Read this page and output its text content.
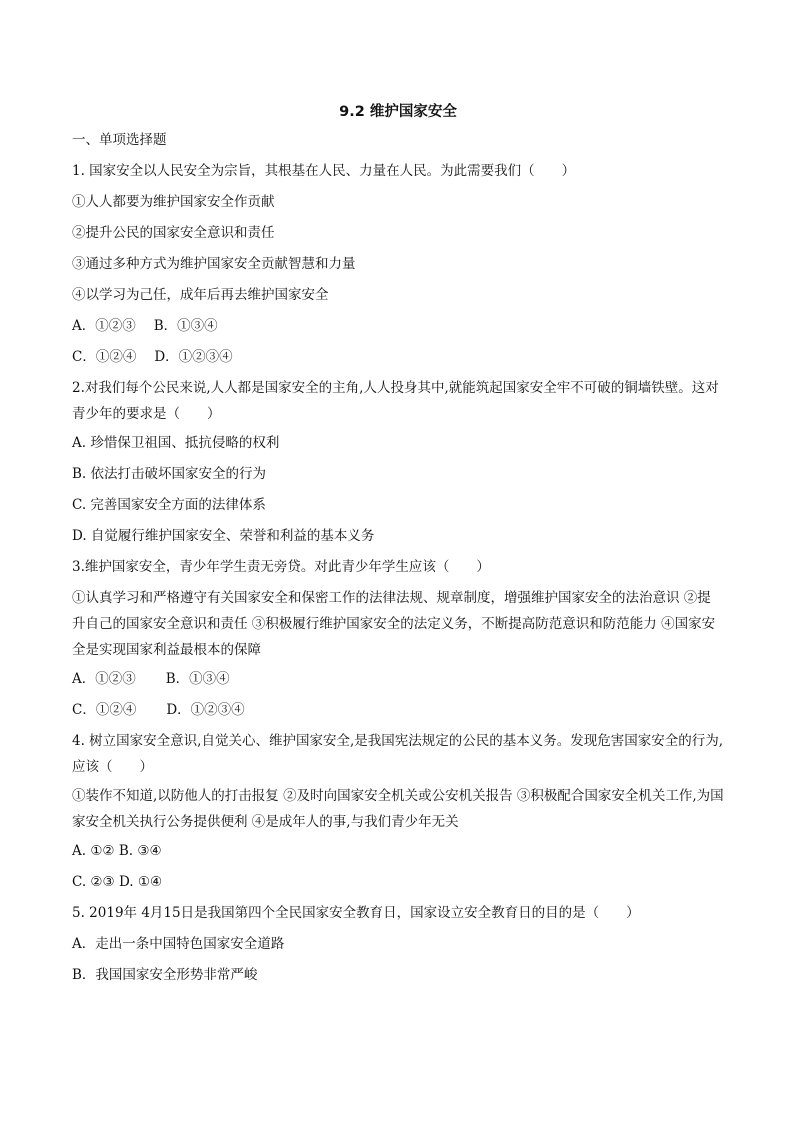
9.2 维护国家安全
一、单项选择题
1. 国家安全以人民安全为宗旨，其根基在人民、力量在人民。为此需要我们（　　）
①人人都要为维护国家安全作贡献
②提升公民的国家安全意识和责任
③通过多种方式为维护国家安全贡献智慧和力量
④以学习为己任，成年后再去维护国家安全
A．①②③ B．①③④
C．①②④ D．①②③④
2.对我们每个公民来说,人人都是国家安全的主角,人人投身其中,就能筑起国家安全牢不可破的铜墙铁壁。这对青少年的要求是（　　）
A. 珍惜保卫祖国、抵抗侵略的权利
B. 依法打击破坏国家安全的行为
C. 完善国家安全方面的法律体系
D. 自觉履行维护国家安全、荣誉和利益的基本义务
3.维护国家安全，青少年学生责无旁贷。对此青少年学生应该（　　）
①认真学习和严格遵守有关国家安全和保密工作的法律法规、规章制度，增强维护国家安全的法治意识 ②提升自己的国家安全意识和责任 ③积极履行维护国家安全的法定义务，不断提高防范意识和防范能力 ④国家安全是实现国家利益最根本的保障
A．①②③ B．①③④
C．①②④ D．①②③④
4. 树立国家安全意识,自觉关心、维护国家安全,是我国宪法规定的公民的基本义务。发现危害国家安全的行为,应该（　　）
①装作不知道,以防他人的打击报复 ②及时向国家安全机关或公安机关报告 ③积极配合国家安全机关工作,为国家安全机关执行公务提供便利 ④是成年人的事,与我们青少年无关
A. ①② B. ③④
C. ②③ D. ①④
5. 2019年 4月15日是我国第四个全民国家安全教育日，国家设立安全教育日的目的是（　　）
A．走出一条中国特色国家安全道路
B．我国国家安全形势非常严峻
